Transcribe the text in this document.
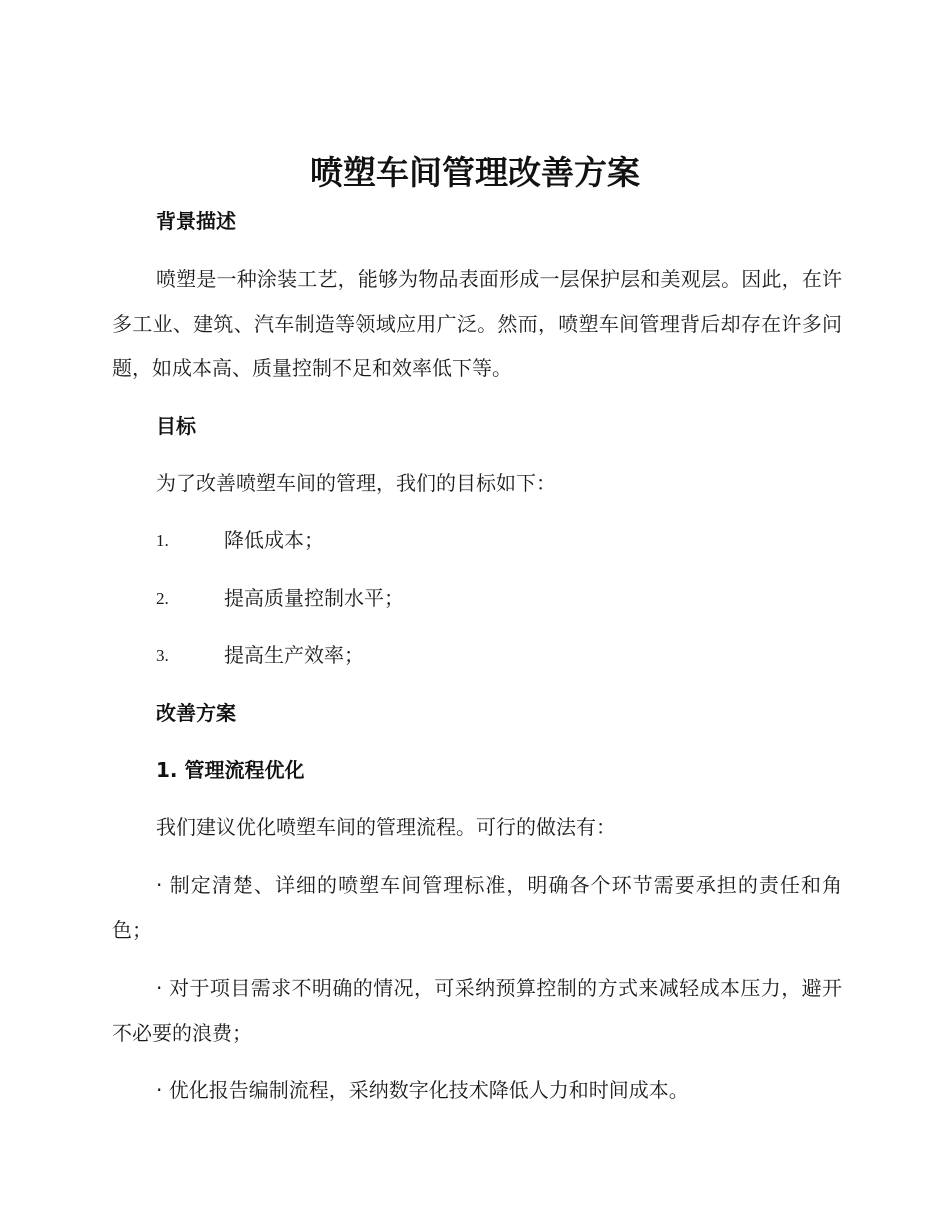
喷塑车间管理改善方案
背景描述
喷塑是一种涂装工艺，能够为物品表面形成一层保护层和美观层。因此，在许多工业、建筑、汽车制造等领域应用广泛。然而，喷塑车间管理背后却存在许多问题，如成本高、质量控制不足和效率低下等。
目标
为了改善喷塑车间的管理，我们的目标如下：
1.	降低成本；
2.	提高质量控制水平；
3.	提高生产效率；
改善方案
1. 管理流程优化
我们建议优化喷塑车间的管理流程。可行的做法有：
· 制定清楚、详细的喷塑车间管理标准，明确各个环节需要承担的责任和角色；
· 对于项目需求不明确的情况，可采纳预算控制的方式来减轻成本压力，避开不必要的浪费；
· 优化报告编制流程，采纳数字化技术降低人力和时间成本。
